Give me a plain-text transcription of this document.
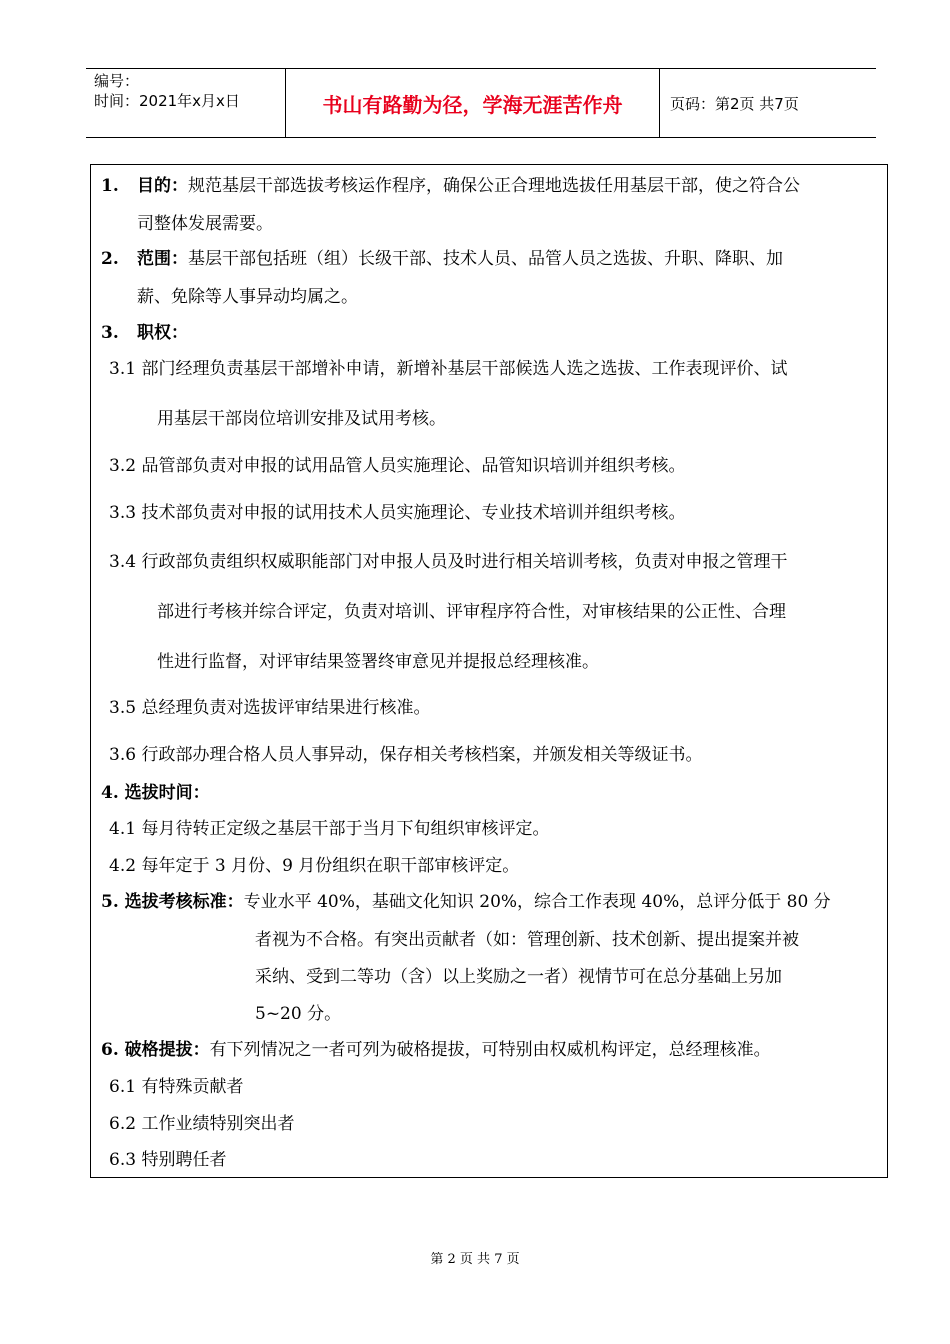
编号：
时间：2021年x月x日	书山有路勤为径，学海无涯苦作舟	页码：第2页 共7页
1. 目的：规范基层干部选拔考核运作程序，确保公正合理地选拔任用基层干部，使之符合公
司整体发展需要。
2. 范围：基层干部包括班（组）长级干部、技术人员、品管人员之选拔、升职、降职、加
薪、免除等人事异动均属之。
3. 职权：
3.1 部门经理负责基层干部增补申请，新增补基层干部候选人选之选拔、工作表现评价、试
用基层干部岗位培训安排及试用考核。
3.2 品管部负责对申报的试用品管人员实施理论、品管知识培训并组织考核。
3.3 技术部负责对申报的试用技术人员实施理论、专业技术培训并组织考核。
3.4 行政部负责组织权威职能部门对申报人员及时进行相关培训考核，负责对申报之管理干
部进行考核并综合评定，负责对培训、评审程序符合性，对审核结果的公正性、合理
性进行监督，对评审结果签署终审意见并提报总经理核准。
3.5 总经理负责对选拔评审结果进行核准。
3.6 行政部办理合格人员人事异动，保存相关考核档案，并颁发相关等级证书。
4. 选拔时间：
4.1 每月待转正定级之基层干部于当月下旬组织审核评定。
4.2 每年定于 3 月份、9 月份组织在职干部审核评定。
5. 选拔考核标准：专业水平 40%，基础文化知识 20%，综合工作表现 40%，总评分低于 80 分
者视为不合格。有突出贡献者（如：管理创新、技术创新、提出提案并被
采纳、受到二等功（含）以上奖励之一者）视情节可在总分基础上另加
5~20 分。
6. 破格提拔：有下列情况之一者可列为破格提拔，可特别由权威机构评定，总经理核准。
6.1 有特殊贡献者
6.2 工作业绩特别突出者
6.3 特别聘任者
第 2 页 共 7 页
